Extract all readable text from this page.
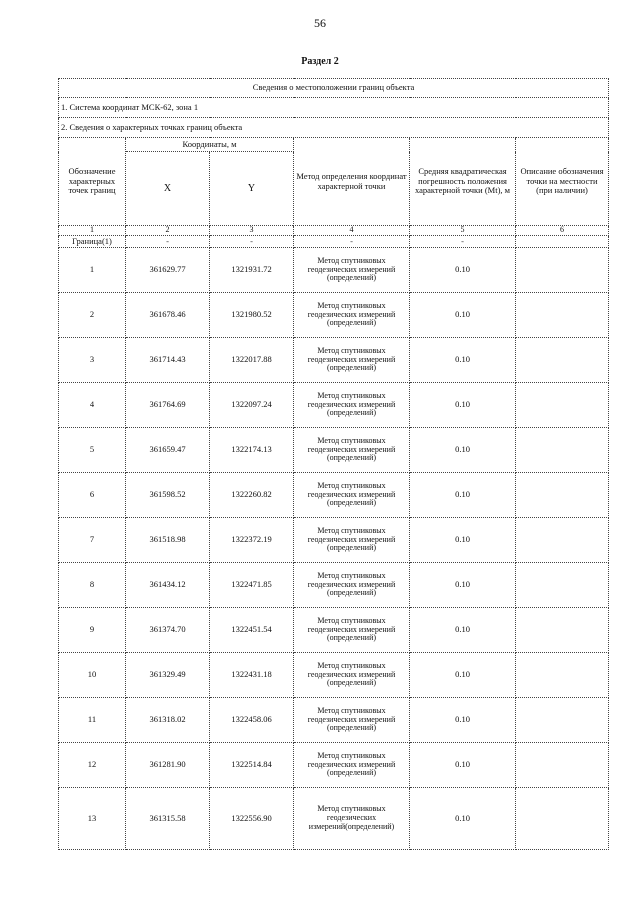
56
Раздел 2
Сведения о местоположении границ объекта					
1. Система координат МСК-62, зона 1					
2. Сведения о характерных точках границ объекта					
Обозначение характерных точек границ	Координаты, м		Метод определения координат характерной точки	Средняя квадратическая погрешность положения характерной точки (Mt), м	Описание обозначения точки на местности (при наличии)
	X	Y			
1	2	3	4	5	6
Граница(1)	-	-	-	-	
1	361629.77	1321931.72	Метод спутниковых геодезических измерений (определений)	0.10	
2	361678.46	1321980.52	Метод спутниковых геодезических измерений (определений)	0.10	
3	361714.43	1322017.88	Метод спутниковых геодезических измерений (определений)	0.10	
4	361764.69	1322097.24	Метод спутниковых геодезических измерений (определений)	0.10	
5	361659.47	1322174.13	Метод спутниковых геодезических измерений (определений)	0.10	
6	361598.52	1322260.82	Метод спутниковых геодезических измерений (определений)	0.10	
7	361518.98	1322372.19	Метод спутниковых геодезических измерений (определений)	0.10	
8	361434.12	1322471.85	Метод спутниковых геодезических измерений (определений)	0.10	
9	361374.70	1322451.54	Метод спутниковых геодезических измерений (определений)	0.10	
10	361329.49	1322431.18	Метод спутниковых геодезических измерений (определений)	0.10	
11	361318.02	1322458.06	Метод спутниковых геодезических измерений (определений)	0.10	
12	361281.90	1322514.84	Метод спутниковых геодезических измерений (определений)	0.10	
13	361315.58	1322556.90	Метод спутниковых геодезических измерений(определений)	0.10	
